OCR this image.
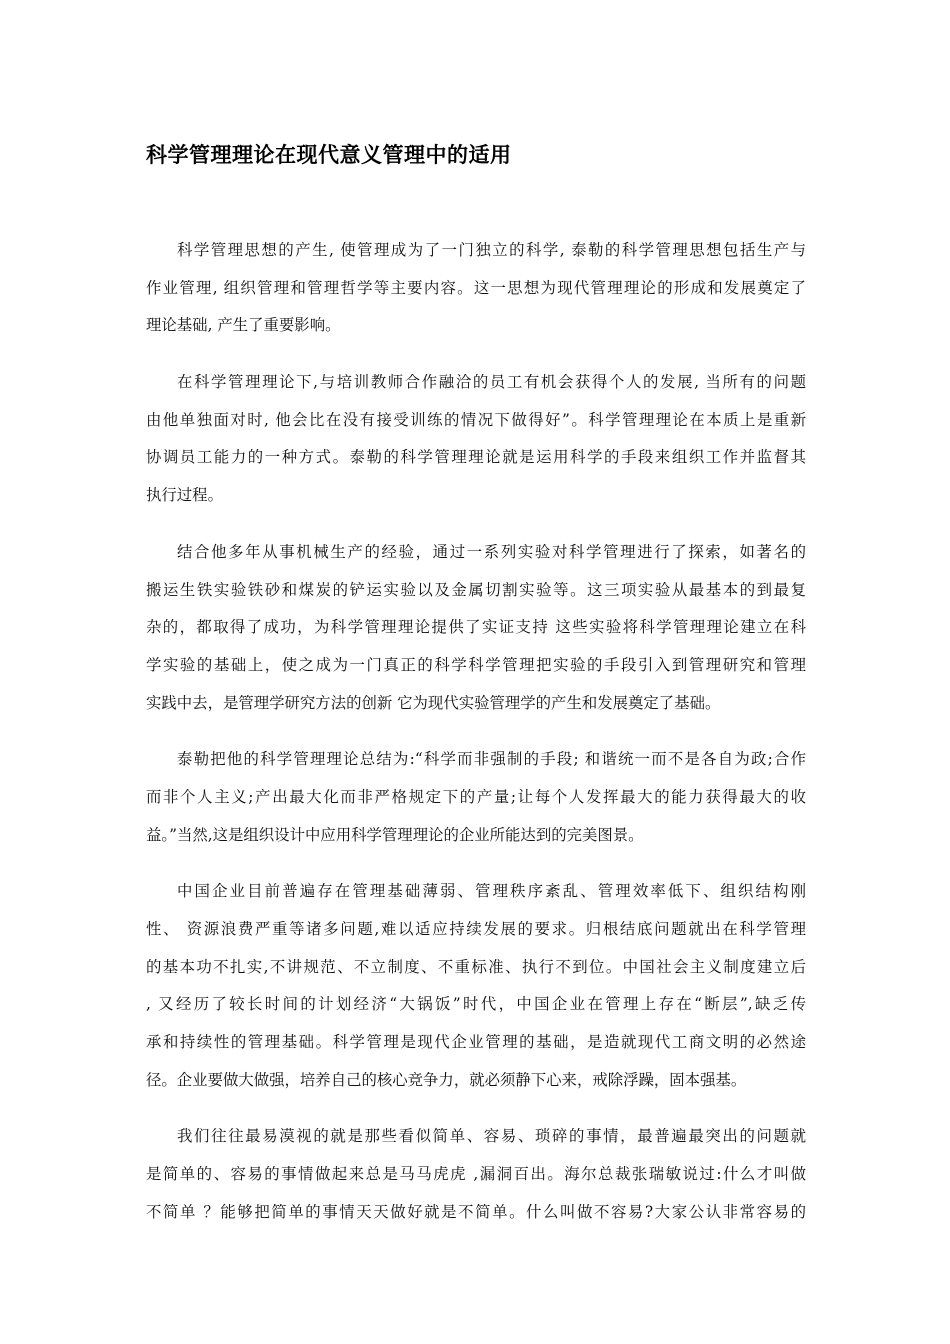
科学管理理论在现代意义管理中的适用

科学管理思想的产生, 使管理成为了一门独立的科学, 泰勒的科学管理思想包括生产与
作业管理, 组织管理和管理哲学等主要内容。这一思想为现代管理理论的形成和发展奠定了
理论基础, 产生了重要影响。

在科学管理理论下,与培训教师合作融洽的员工有机会获得个人的发展, 当所有的问题
由他单独面对时, 他会比在没有接受训练的情况下做得好”。科学管理理论在本质上是重新
协调员工能力的一种方式。泰勒的科学管理理论就是运用科学的手段来组织工作并监督其
执行过程。

结合他多年从事机械生产的经验，通过一系列实验对科学管理进行了探索，如著名的
搬运生铁实验铁砂和煤炭的铲运实验以及金属切割实验等。这三项实验从最基本的到最复
杂的，都取得了成功，为科学管理理论提供了实证支持 这些实验将科学管理理论建立在科
学实验的基础上，使之成为一门真正的科学科学管理把实验的手段引入到管理研究和管理
实践中去，是管理学研究方法的创新 它为现代实验管理学的产生和发展奠定了基础。

泰勒把他的科学管理理论总结为:“科学而非强制的手段; 和谐统一而不是各自为政;合作
而非个人主义;产出最大化而非严格规定下的产量;让每个人发挥最大的能力获得最大的收
益。”当然,这是组织设计中应用科学管理理论的企业所能达到的完美图景。

中国企业目前普遍存在管理基础薄弱、管理秩序紊乱、管理效率低下、组织结构刚
性、 资源浪费严重等诸多问题,难以适应持续发展的要求。归根结底问题就出在科学管理
的基本功不扎实,不讲规范、不立制度、不重标准、执行不到位。中国社会主义制度建立后
, 又经历了较长时间的计划经济“大锅饭”时代，中国企业在管理上存在“断层”,缺乏传
承和持续性的管理基础。科学管理是现代企业管理的基础，是造就现代工商文明的必然途
径。企业要做大做强，培养自己的核心竞争力，就必须静下心来，戒除浮躁，固本强基。

我们往往最易漠视的就是那些看似简单、容易、琐碎的事情，最普遍最突出的问题就
是简单的、容易的事情做起来总是马马虎虎 ,漏洞百出。海尔总裁张瑞敏说过:什么才叫做
不简单 ？能够把简单的事情天天做好就是不简单。什么叫做不容易?大家公认非常容易的
